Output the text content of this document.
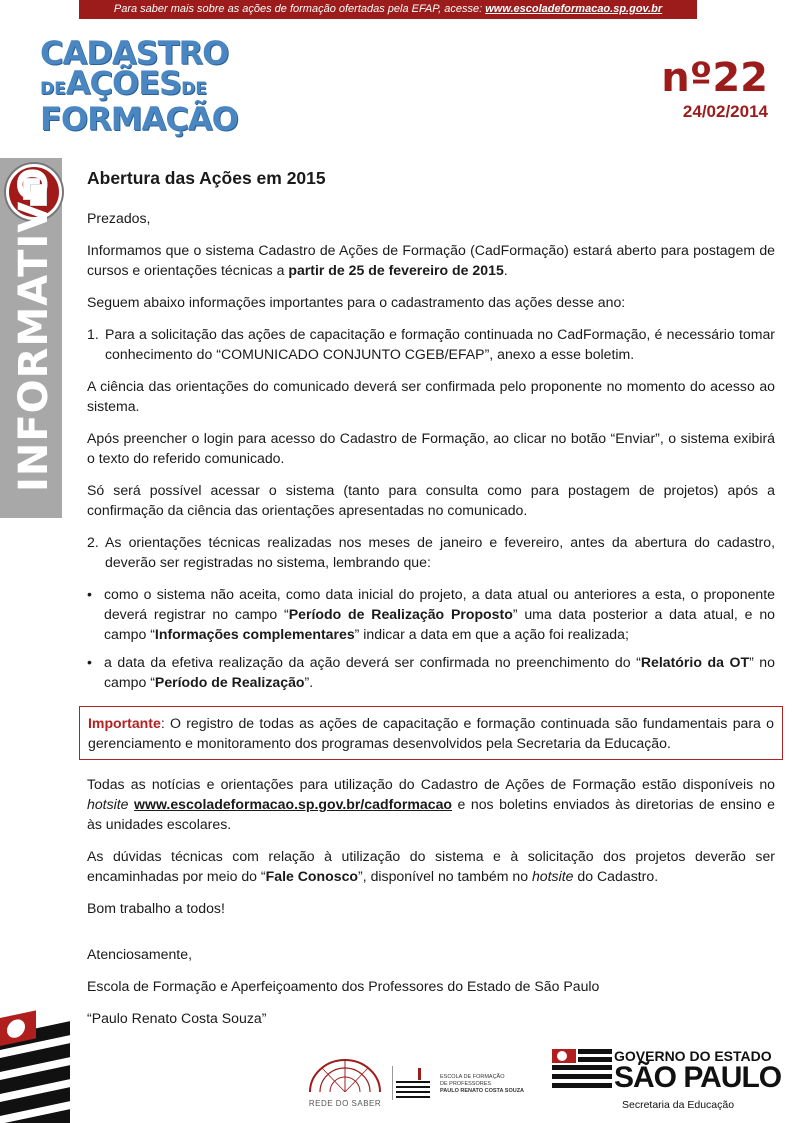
Para saber mais sobre as ações de formação ofertadas pela EFAP, acesse: www.escoladeformacao.sp.gov.br
CADASTRO
DEAÇÕESDE
FORMAÇÃO
nº22
24/02/2014
INFORMATIVO Abertura das Ações em 2015

Prezados,

Informamos que o sistema Cadastro de Ações de Formação (CadFormação) estará aberto para postagem de cursos e orientações técnicas a partir de 25 de fevereiro de 2015.

Seguem abaixo informações importantes para o cadastramento das ações desse ano:

1. Para a solicitação das ações de capacitação e formação continuada no CadFormação, é necessário tomar conhecimento do “COMUNICADO CONJUNTO CGEB/EFAP”, anexo a esse boletim.

A ciência das orientações do comunicado deverá ser confirmada pelo proponente no momento do acesso ao sistema.

Após preencher o login para acesso do Cadastro de Formação, ao clicar no botão “Enviar”, o sistema exibirá o texto do referido comunicado.

Só será possível acessar o sistema (tanto para consulta como para postagem de projetos) após a confirmação da ciência das orientações apresentadas no comunicado.

2. As orientações técnicas realizadas nos meses de janeiro e fevereiro, antes da abertura do cadastro, deverão ser registradas no sistema, lembrando que:
• como o sistema não aceita, como data inicial do projeto, a data atual ou anteriores a esta, o proponente deverá registrar no campo “Período de Realização Proposto” uma data posterior a data atual, e no campo “Informações complementares” indicar a data em que a ação foi realizada;
• a data da efetiva realização da ação deverá ser confirmada no preenchimento do “Relatório da OT” no campo “Período de Realização”.
Importante: O registro de todas as ações de capacitação e formação continuada são fundamentais para o gerenciamento e monitoramento dos programas desenvolvidos pela Secretaria da Educação.

Todas as notícias e orientações para utilização do Cadastro de Ações de Formação estão disponíveis no hotsite www.escoladeformacao.sp.gov.br/cadformacao e nos boletins enviados às diretorias de ensino e às unidades escolares.

As dúvidas técnicas com relação à utilização do sistema e à solicitação dos projetos deverão ser encaminhadas por meio do “Fale Conosco”, disponível no também no hotsite do Cadastro.

Bom trabalho a todos!

Atenciosamente,

Escola de Formação e Aperfeiçoamento dos Professores do Estado de São Paulo

“Paulo Renato Costa Souza”

REDE DO SABER
ESCOLA DE FORMAÇÃO
DE PROFESSORES
PAULO RENATO COSTA SOUZA
GOVERNO DO ESTADO
SÃO PAULO
Secretaria da Educação
